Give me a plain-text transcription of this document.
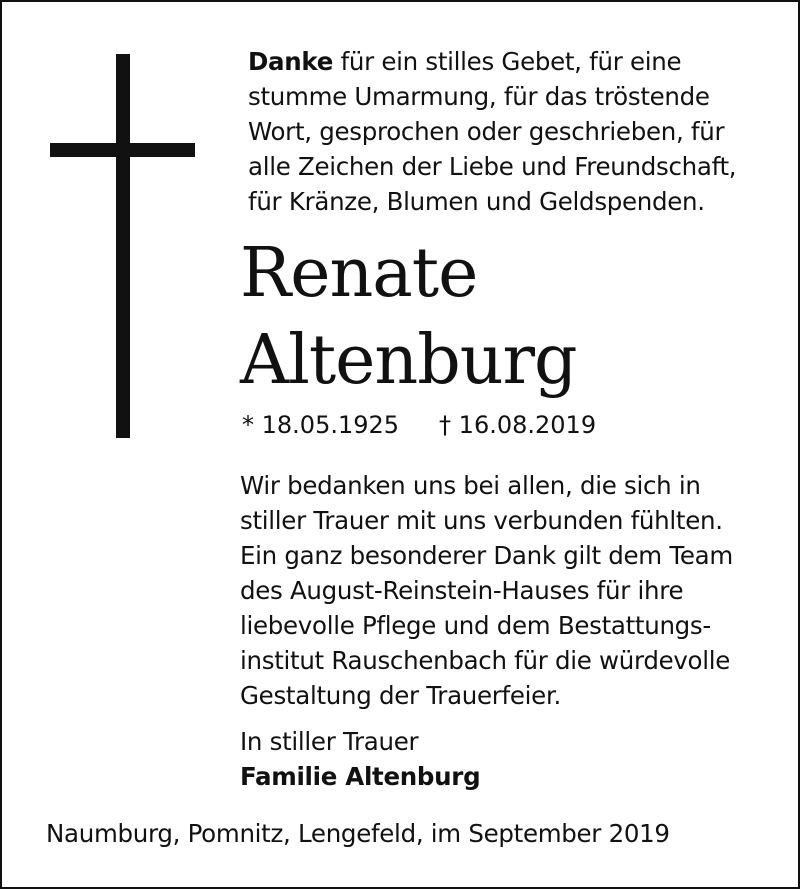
Danke für ein stilles Gebet, für eine
stumme Umarmung, für das tröstende
Wort, gesprochen oder geschrieben, für
alle Zeichen der Liebe und Freundschaft,
für Kränze, Blumen und Geldspenden.
Renate
Altenburg
* 18.05.1925 † 16.08.2019
Wir bedanken uns bei allen, die sich in
stiller Trauer mit uns verbunden fühlten.
Ein ganz besonderer Dank gilt dem Team
des August-Reinstein-Hauses für ihre
liebevolle Pflege und dem Bestattungs-
institut Rauschenbach für die würdevolle
Gestaltung der Trauerfeier.
In stiller Trauer
Familie Altenburg
Naumburg, Pomnitz, Lengefeld, im September 2019
